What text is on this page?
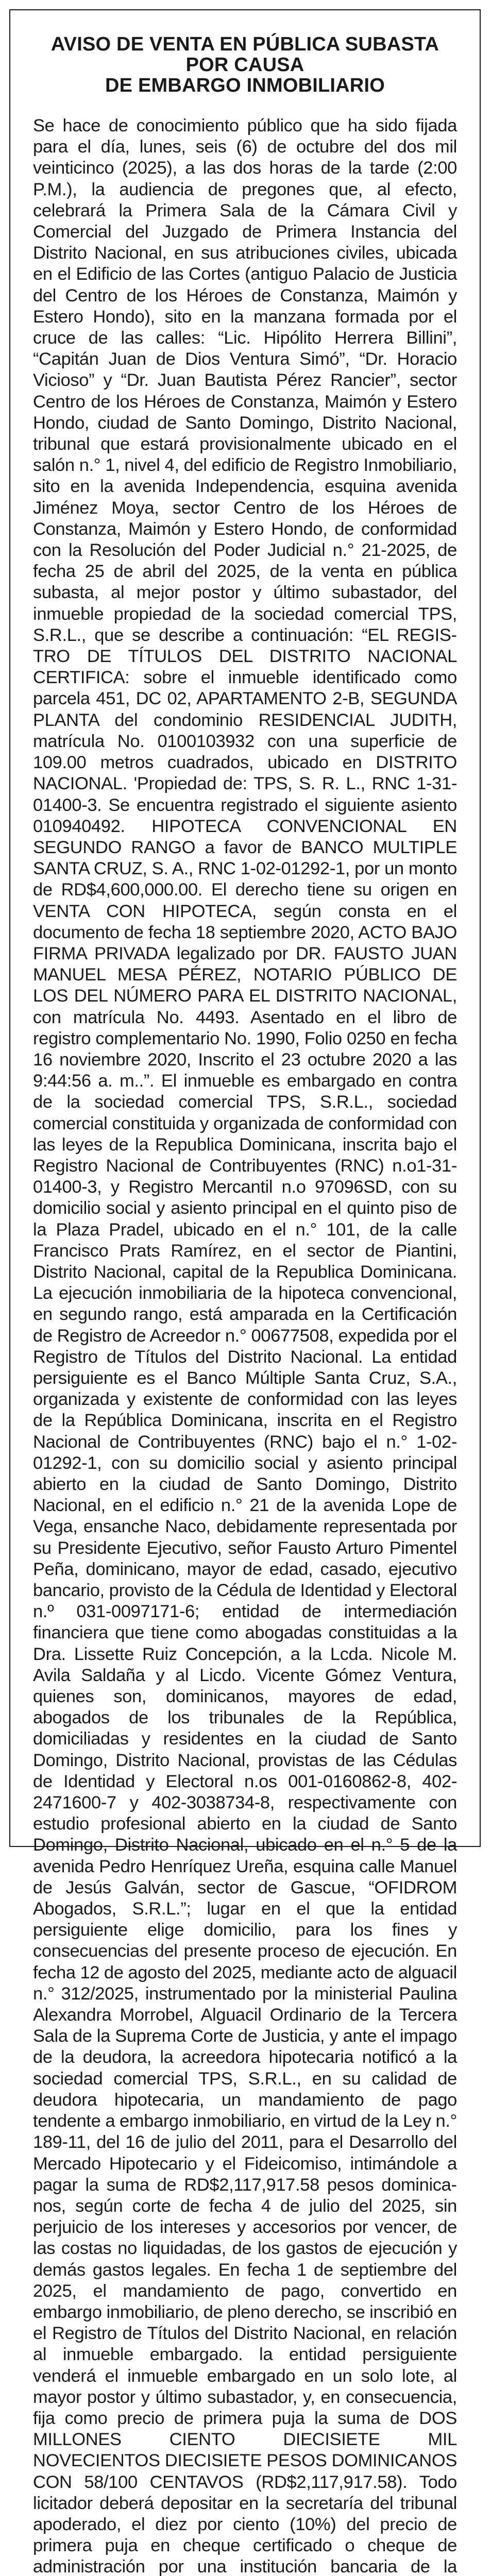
AVISO DE VENTA EN PÚBLICA SUBASTA POR CAUSA
DE EMBARGO INMOBILIARIO

Se hace de conocimiento público que ha sido fijada para el día, lunes, seis (6) de octubre del dos mil veinticinco (2025), a las dos horas de la tarde (2:00 P.M.), la audiencia de pregones que, al efecto, celebrará la Primera Sala de la Cámara Civil y Comercial del Juzgado de Primera Instancia del Distrito Nacional, en sus atribuciones civiles, ubicada en el Edificio de las Cortes (antiguo Palacio de Justicia del Centro de los Héroes de Constanza, Maimón y Estero Hondo), sito en la manzana formada por el cruce de las calles: “Lic. Hipólito Herrera Billini”, “Capitán Juan de Dios Ventura Simó”, “Dr. Horacio Vicioso” y “Dr. Juan Bautista Pérez Rancier”, sector Centro de los Héroes de Constanza, Maimón y Estero Hondo, ciudad de Santo Domingo, Distrito Nacional, tribunal que estará provisionalmente ubicado en el salón n.° 1, nivel 4, del edificio de Registro Inmobiliario, sito en la avenida Independencia, esquina avenida Jiménez Moya, sector Centro de los Héroes de Constanza, Maimón y Estero Hondo, de conformidad con la Resolución del Poder Judicial n.° 21-2025, de fecha 25 de abril del 2025, de la venta en pública subasta, al mejor postor y último subastador, del inmueble propiedad de la sociedad comercial TPS, S.R.L., que se describe a continuación: “EL REGISTRO DE TÍTULOS DEL DISTRITO NACIONAL CERTIFICA: sobre el inmueble identificado como parcela 451, DC 02, APARTAMENTO 2-B, SEGUNDA PLANTA del condominio RESIDENCIAL JUDITH, matrícula No. 0100103932 con una superficie de 109.00 metros cuadrados, ubicado en DISTRITO NACIONAL. 'Propiedad de: TPS, S. R. L., RNC 1-31-01400-3. Se encuentra registrado el siguiente asiento 010940492. HIPOTECA CONVENCIONAL EN SEGUNDO RANGO a favor de BANCO MULTIPLE SANTA CRUZ, S. A., RNC 1-02-01292-1, por un monto de RD$4,600,000.00. El derecho tiene su origen en VENTA CON HIPOTECA, según consta en el documento de fecha 18 septiembre 2020, ACTO BAJO FIRMA PRIVADA legalizado por DR. FAUSTO JUAN MANUEL MESA PÉREZ, NOTARIO PÚBLICO DE LOS DEL NÚMERO PARA EL DISTRITO NACIONAL, con matrícula No. 4493. Asentado en el libro de registro complementario No. 1990, Folio 0250 en fecha 16 noviembre 2020, Inscrito el 23 octubre 2020 a las 9:44:56 a. m..”. El inmueble es embargado en contra de la sociedad comercial TPS, S.R.L., sociedad comercial constituida y organizada de conformidad con las leyes de la Republica Dominicana, inscrita bajo el Registro Nacional de Contribuyentes (RNC) n.o1-31-01400-3, y Registro Mercantil n.o 97096SD, con su domicilio social y asiento principal en el quinto piso de la Plaza Pradel, ubicado en el n.° 101, de la calle Francisco Prats Ramírez, en el sector de Piantini, Distrito Nacional, capital de la Republica Dominicana. La ejecución inmobiliaria de la hipoteca convencional, en segundo rango, está amparada en la Certificación de Registro de Acreedor n.° 00677508, expedida por el Registro de Títulos del Distrito Nacional. La entidad persiguiente es el Banco Múltiple Santa Cruz, S.A., organizada y existente de conformidad con las leyes de la República Dominicana, inscrita en el Registro Nacional de Contribuyentes (RNC) bajo el n.° 1-02-01292-1, con su domicilio social y asiento principal abierto en la ciudad de Santo Domingo, Distrito Nacional, en el edificio n.° 21 de la avenida Lope de Vega, ensanche Naco, debidamente representada por su Presidente Ejecutivo, señor Fausto Arturo Pimentel Peña, dominicano, mayor de edad, casado, ejecutivo bancario, provisto de la Cédula de Identidad y Electoral n.º 031-0097171-6; entidad de intermediación financiera que tiene como abogadas constituidas a la Dra. Lissette Ruiz Concepción, a la Lcda. Nicole M. Avila Saldaña y al Licdo. Vicente Gómez Ventura, quienes son, dominicanos, mayores de edad, abogados de los tribunales de la República, domiciliadas y residentes en la ciudad de Santo Domingo, Distrito Nacional, provistas de las Cédulas de Identidad y Electoral n.os 001-0160862-8, 402-2471600-7 y 402-3038734-8, respectivamente con estudio profesional abierto en la ciudad de Santo Domingo, Distrito Nacional, ubicado en el n.° 5 de la avenida Pedro Henríquez Ureña, esquina calle Manuel de Jesús Galván, sector de Gascue, “OFIDROM Abogados, S.R.L.”; lugar en el que la entidad persiguiente elige domicilio, para los fines y consecuencias del presente proceso de ejecución. En fecha 12 de agosto del 2025, mediante acto de alguacil n.° 312/2025, instrumentado por la ministerial Paulina Alexandra Morrobel, Alguacil Ordinario de la Tercera Sala de la Suprema Corte de Justicia, y ante el impago de la deudora, la acreedora hipotecaria notificó a la sociedad comercial TPS, S.R.L., en su calidad de deudora hipotecaria, un mandamiento de pago tendente a embargo inmobiliario, en virtud de la Ley n.° 189-11, del 16 de julio del 2011, para el Desarrollo del Mercado Hipotecario y el Fideicomiso, intimándole a pagar la suma de RD$2,117,917.58 pesos dominicanos, según corte de fecha 4 de julio del 2025, sin perjuicio de los intereses y accesorios por vencer, de las costas no liquidadas, de los gastos de ejecución y demás gastos legales. En fecha 1 de septiembre del 2025, el mandamiento de pago, convertido en embargo inmobiliario, de pleno derecho, se inscribió en el Registro de Títulos del Distrito Nacional, en relación al inmueble embargado. la entidad persiguiente venderá el inmueble embargado en un solo lote, al mayor postor y último subastador, y, en consecuencia, fija como precio de primera puja la suma de DOS MILLONES CIENTO DIECISIETE MIL NOVECIENTOS DIECISIETE PESOS DOMINICANOS CON 58/100 CENTAVOS (RD$2,117,917.58). Todo licitador deberá depositar en la secretaría del tribunal apoderado, el diez por ciento (10%) del precio de primera puja en cheque certificado o cheque de administración por una institución bancaria de la
